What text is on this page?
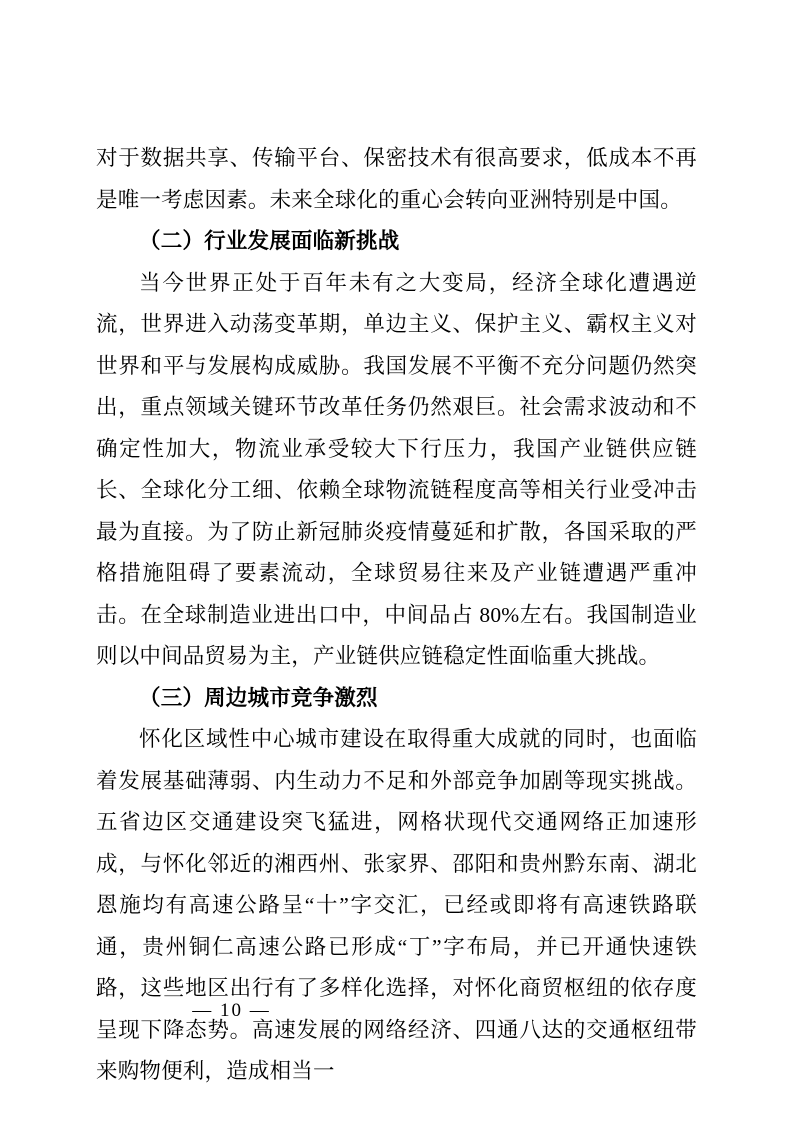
对于数据共享、传输平台、保密技术有很高要求，低成本不再是唯一考虑因素。未来全球化的重心会转向亚洲特别是中国。

（二）行业发展面临新挑战

当今世界正处于百年未有之大变局，经济全球化遭遇逆流，世界进入动荡变革期，单边主义、保护主义、霸权主义对世界和平与发展构成威胁。我国发展不平衡不充分问题仍然突出，重点领域关键环节改革任务仍然艰巨。社会需求波动和不确定性加大，物流业承受较大下行压力，我国产业链供应链长、全球化分工细、依赖全球物流链程度高等相关行业受冲击最为直接。为了防止新冠肺炎疫情蔓延和扩散，各国采取的严格措施阻碍了要素流动，全球贸易往来及产业链遭遇严重冲击。在全球制造业进出口中，中间品占 80%左右。我国制造业则以中间品贸易为主，产业链供应链稳定性面临重大挑战。

（三）周边城市竞争激烈

怀化区域性中心城市建设在取得重大成就的同时，也面临着发展基础薄弱、内生动力不足和外部竞争加剧等现实挑战。五省边区交通建设突飞猛进，网格状现代交通网络正加速形成，与怀化邻近的湘西州、张家界、邵阳和贵州黔东南、湖北恩施均有高速公路呈“十”字交汇，已经或即将有高速铁路联通，贵州铜仁高速公路已形成“丁”字布局，并已开通快速铁路，这些地区出行有了多样化选择，对怀化商贸枢纽的依存度呈现下降态势。高速发展的网络经济、四通八达的交通枢纽带来购物便利，造成相当一

— 10 —
